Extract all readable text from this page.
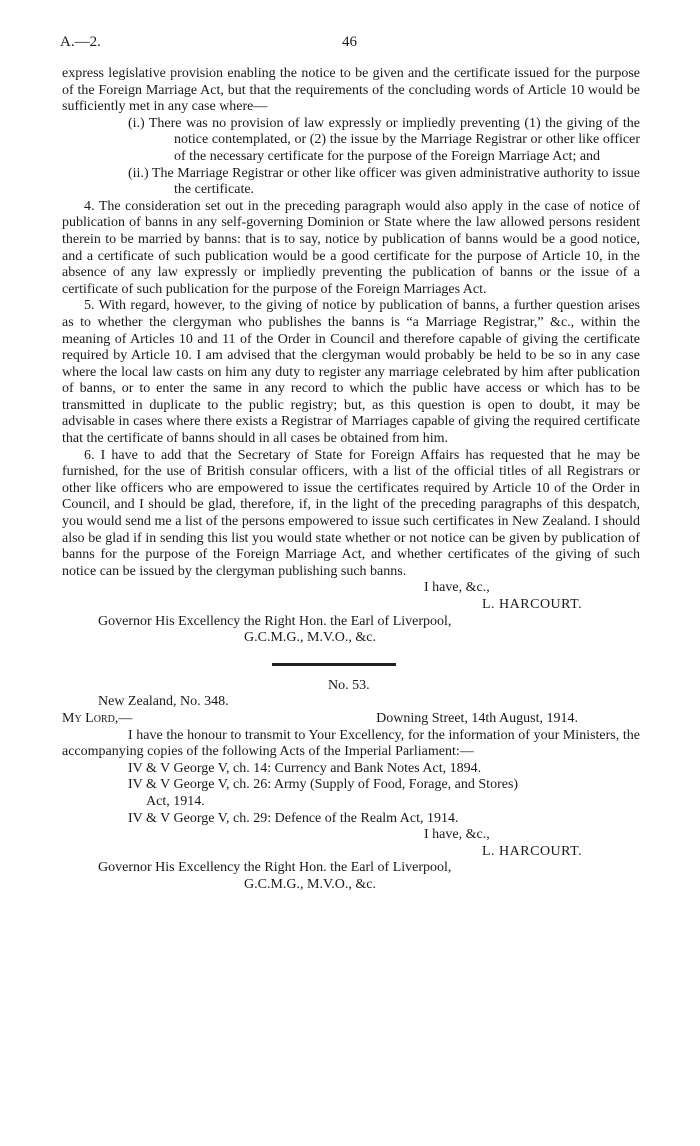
A.—2.	46

express legislative provision enabling the notice to be given and the certificate issued for the purpose of the Foreign Marriage Act, but that the requirements of the concluding words of Article 10 would be sufficiently met in any case where—

(i.) There was no provision of law expressly or impliedly preventing (1) the giving of the notice contemplated, or (2) the issue by the Marriage Registrar or other like officer of the necessary certificate for the purpose of the Foreign Marriage Act; and

(ii.) The Marriage Registrar or other like officer was given administrative authority to issue the certificate.

4. The consideration set out in the preceding paragraph would also apply in the case of notice of publication of banns in any self-governing Dominion or State where the law allowed persons resident therein to be married by banns: that is to say, notice by publication of banns would be a good notice, and a certificate of such publication would be a good certificate for the purpose of Article 10, in the absence of any law expressly or impliedly preventing the publication of banns or the issue of a certificate of such publication for the purpose of the Foreign Marriages Act.

5. With regard, however, to the giving of notice by publication of banns, a further question arises as to whether the clergyman who publishes the banns is “a Marriage Registrar,” &c., within the meaning of Articles 10 and 11 of the Order in Council and therefore capable of giving the certificate required by Article 10. I am advised that the clergyman would probably be held to be so in any case where the local law casts on him any duty to register any marriage celebrated by him after publication of banns, or to enter the same in any record to which the public have access or which has to be transmitted in duplicate to the public registry; but, as this question is open to doubt, it may be advisable in cases where there exists a Registrar of Marriages capable of giving the required certificate that the certificate of banns should in all cases be obtained from him.

6. I have to add that the Secretary of State for Foreign Affairs has requested that he may be furnished, for the use of British consular officers, with a list of the official titles of all Registrars or other like officers who are empowered to issue the certificates required by Article 10 of the Order in Council, and I should be glad, therefore, if, in the light of the preceding paragraphs of this despatch, you would send me a list of the persons empowered to issue such certificates in New Zealand. I should also be glad if in sending this list you would state whether or not notice can be given by publication of banns for the purpose of the Foreign Marriage Act, and whether certificates of the giving of such notice can be issued by the clergyman publishing such banns.

I have, &c.,

L. HARCOURT.

Governor His Excellency the Right Hon. the Earl of Liverpool,

G.C.M.G., M.V.O., &c.

No. 53.

New Zealand, No. 348.

My Lord,—	Downing Street, 14th August, 1914.

I have the honour to transmit to Your Excellency, for the information of your Ministers, the accompanying copies of the following Acts of the Imperial Parliament:—

IV & V George V, ch. 14: Currency and Bank Notes Act, 1894.

IV & V George V, ch. 26: Army (Supply of Food, Forage, and Stores)

Act, 1914.

IV & V George V, ch. 29: Defence of the Realm Act, 1914.

I have, &c.,

L. HARCOURT.

Governor His Excellency the Right Hon. the Earl of Liverpool,

G.C.M.G., M.V.O., &c.
